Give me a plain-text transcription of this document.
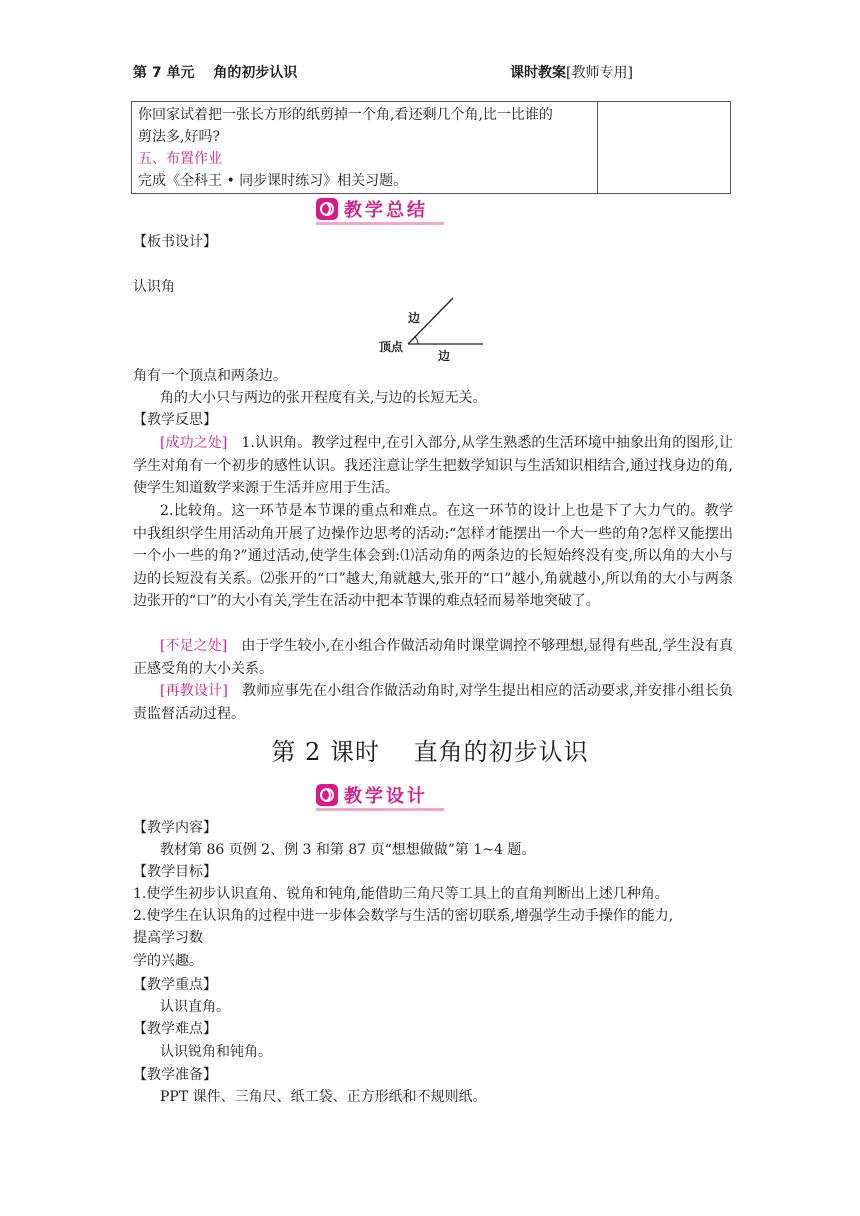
第 7 单元　 角的初步认识	课时教案[教师专用]
你回家试着把一张长方形的纸剪掉一个角,看还剩几个角,比一比谁的
剪法多,好吗?
五、布置作业
完成《全科王 • 同步课时练习》相关习题。

教学总结
【板书设计】
认识角
边
顶点
边
角有一个顶点和两条边。
角的大小只与两边的张开程度有关,与边的长短无关。
【教学反思】
[成功之处]　1.认识角。教学过程中,在引入部分,从学生熟悉的生活环境中抽象出角的图形,让学生对角有一个初步的感性认识。我还注意让学生把数学知识与生活知识相结合,通过找身边的角,使学生知道数学来源于生活并应用于生活。
2.比较角。这一环节是本节课的重点和难点。在这一环节的设计上也是下了大力气的。教学中我组织学生用活动角开展了边操作边思考的活动:“怎样才能摆出一个大一些的角?怎样又能摆出一个小一些的角?”通过活动,使学生体会到:⑴活动角的两条边的长短始终没有变,所以角的大小与边的长短没有关系。⑵张开的“口”越大,角就越大,张开的“口”越小,角就越小,所以角的大小与两条边张开的“口”的大小有关,学生在活动中把本节课的难点轻而易举地突破了。
[不足之处]　由于学生较小,在小组合作做活动角时课堂调控不够理想,显得有些乱,学生没有真正感受角的大小关系。
[再教设计]　教师应事先在小组合作做活动角时,对学生提出相应的活动要求,并安排小组长负责监督活动过程。
第 2 课时　 直角的初步认识
教学设计
【教学内容】
教材第 86 页例 2、例 3 和第 87 页“想想做做”第 1~4 题。
【教学目标】
1.使学生初步认识直角、锐角和钝角,能借助三角尺等工具上的直角判断出上述几种角。
2.使学生在认识角的过程中进一步体会数学与生活的密切联系,增强学生动手操作的能力,
提高学习数
学的兴趣。
【教学重点】
认识直角。
【教学难点】
认识锐角和钝角。
【教学准备】
PPT 课件、三角尺、纸工袋、正方形纸和不规则纸。
